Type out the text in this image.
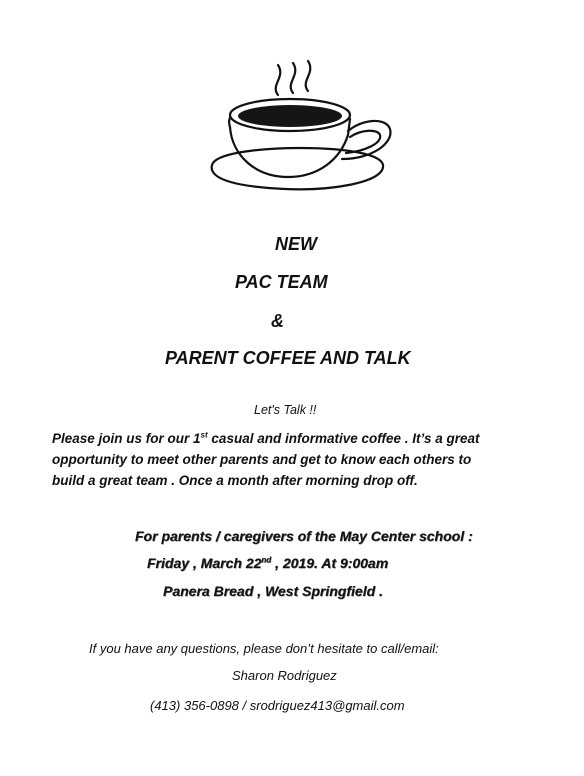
NEW
PAC TEAM
&
PARENT COFFEE AND TALK
Let's Talk !!
Please join us for our 1st casual and informative coffee . It’s a great
opportunity to meet other parents and get to know each others to
build a great team . Once a month after morning drop off.
For parents / caregivers of the May Center school :
Friday , March 22nd , 2019. At 9:00am
Panera Bread , West Springfield .
If you have any questions, please don’t hesitate to call/email:
Sharon Rodriguez
(413) 356-0898 / srodriguez413@gmail.com
